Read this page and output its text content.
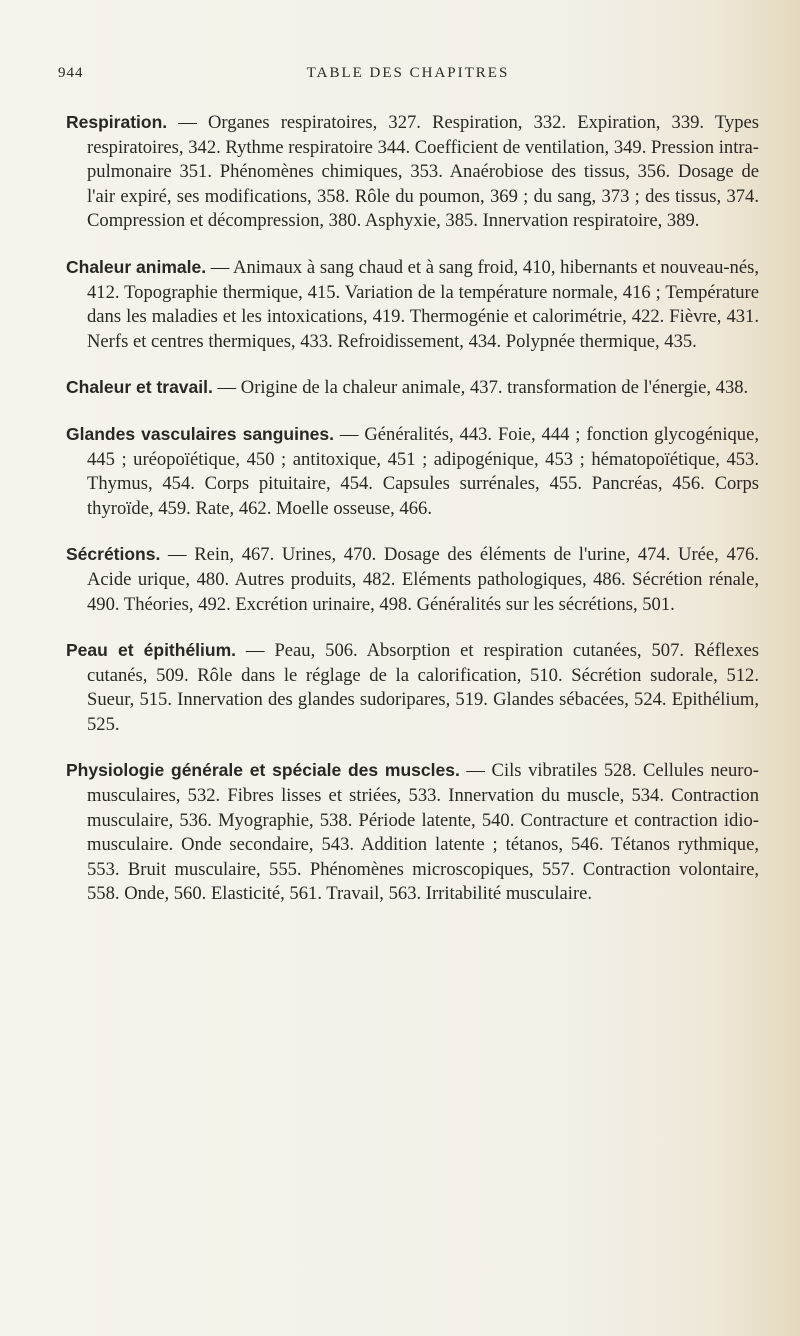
944	TABLE DES CHAPITRES

Respiration. — Organes respiratoires, 327. Respiration, 332. Expiration, 339. Types respiratoires, 342. Rythme respiratoire 344. Coefficient de ventilation, 349. Pression intra-pulmonaire 351. Phénomènes chimiques, 353. Anaérobiose des tissus, 356. Dosage de l'air expiré, ses modifications, 358. Rôle du poumon, 369 ; du sang, 373 ; des tissus, 374. Compression et décompression, 380. Asphyxie, 385. Innervation respiratoire, 389.

Chaleur animale. — Animaux à sang chaud et à sang froid, 410, hibernants et nouveau-nés, 412. Topographie thermique, 415. Variation de la température normale, 416 ; Température dans les maladies et les intoxications, 419. Thermogénie et calorimétrie, 422. Fièvre, 431. Nerfs et centres thermiques, 433. Refroidissement, 434. Polypnée thermique, 435.

Chaleur et travail. — Origine de la chaleur animale, 437. transformation de l'énergie, 438.

Glandes vasculaires sanguines. — Généralités, 443. Foie, 444 ; fonction glycogénique, 445 ; uréopoïétique, 450 ; antitoxique, 451 ; adipogénique, 453 ; hématopoïétique, 453. Thymus, 454. Corps pituitaire, 454. Capsules surrénales, 455. Pancréas, 456. Corps thyroïde, 459. Rate, 462. Moelle osseuse, 466.

Sécrétions. — Rein, 467. Urines, 470. Dosage des éléments de l'urine, 474. Urée, 476. Acide urique, 480. Autres produits, 482. Eléments pathologiques, 486. Sécrétion rénale, 490. Théories, 492. Excrétion urinaire, 498. Généralités sur les sécrétions, 501.

Peau et épithélium. — Peau, 506. Absorption et respiration cutanées, 507. Réflexes cutanés, 509. Rôle dans le réglage de la calorification, 510. Sécrétion sudorale, 512. Sueur, 515. Innervation des glandes sudoripares, 519. Glandes sébacées, 524. Epithélium, 525.

Physiologie générale et spéciale des muscles. — Cils vibratiles 528. Cellules neuro-musculaires, 532. Fibres lisses et striées, 533. Innervation du muscle, 534. Contraction musculaire, 536. Myographie, 538. Période latente, 540. Contracture et contraction idio-musculaire. Onde secondaire, 543. Addition latente ; tétanos, 546. Tétanos rythmique, 553. Bruit musculaire, 555. Phénomènes microscopiques, 557. Contraction volontaire, 558. Onde, 560. Elasticité, 561. Travail, 563. Irritabilité musculaire.
